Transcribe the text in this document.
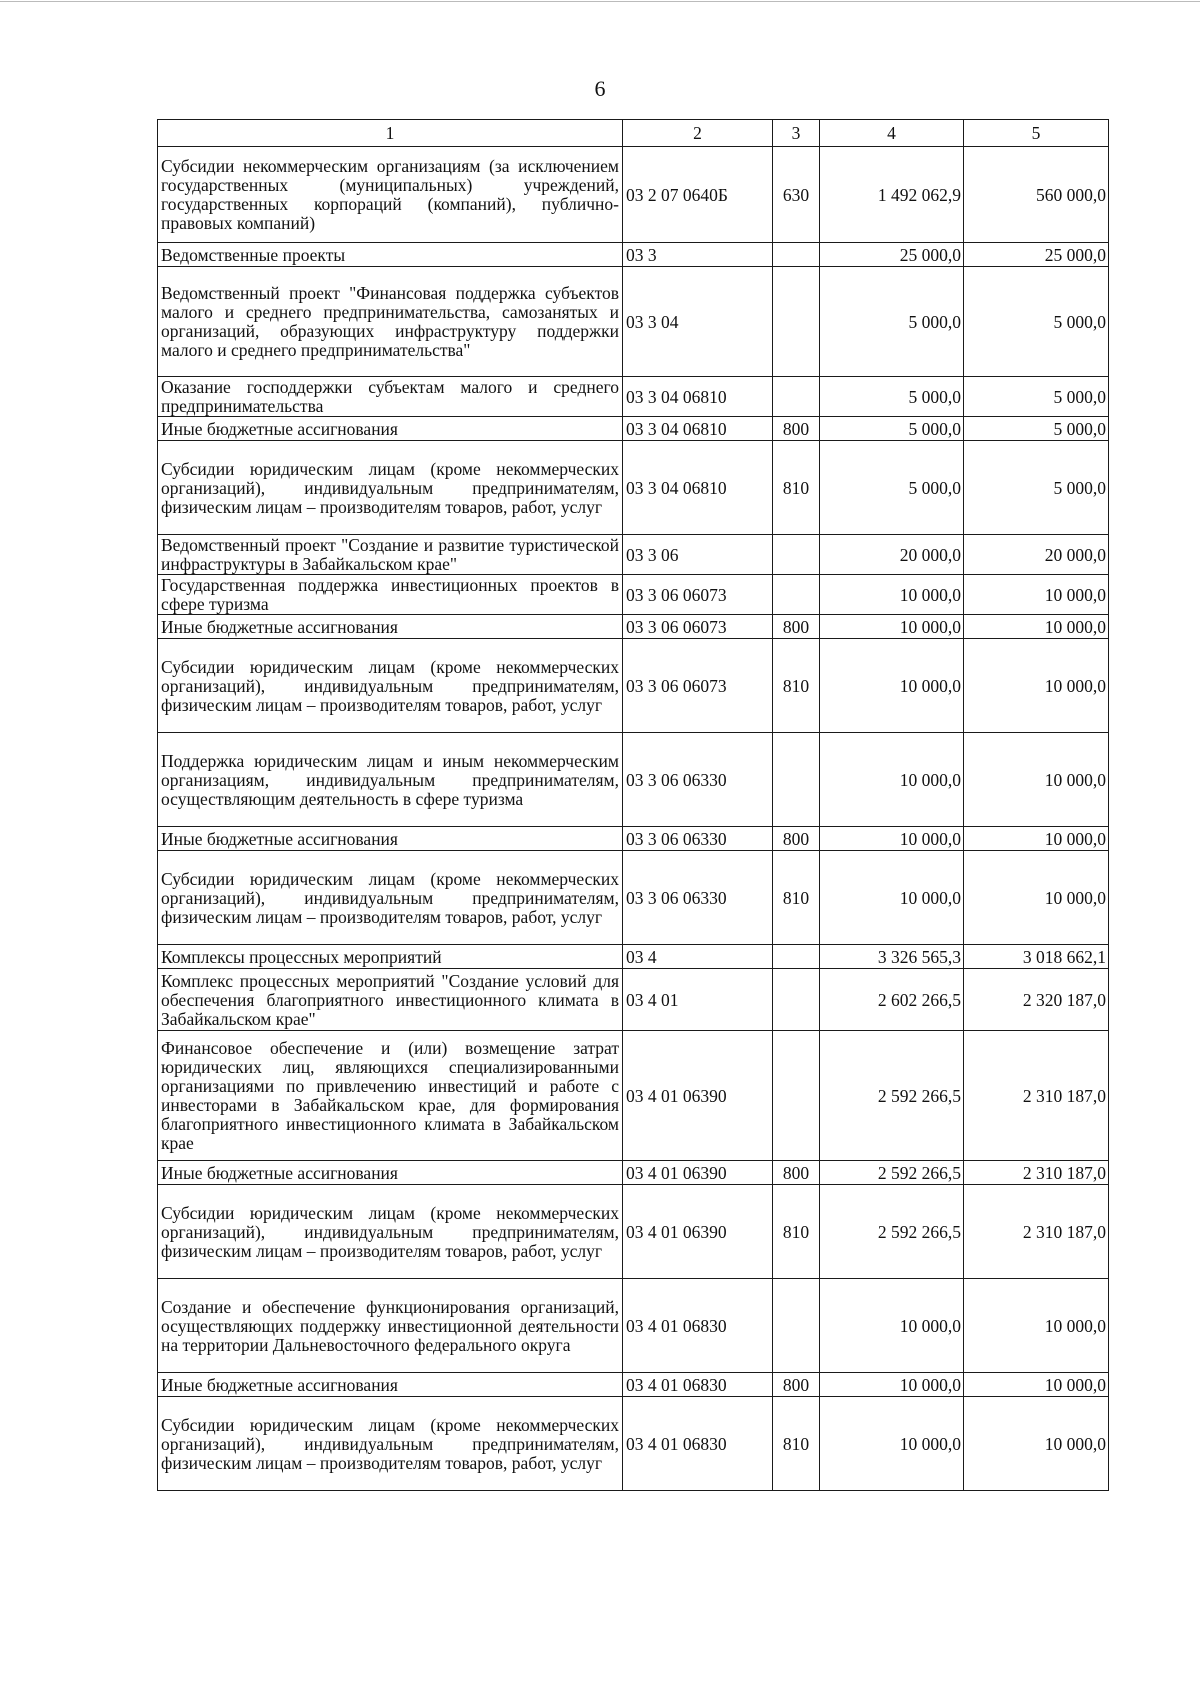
6
1	2	3	4	5
Субсидии некоммерческим организациям (за исключением государственных (муниципальных) учреждений, государственных корпораций (компаний), публично-правовых компаний)	03 2 07 0640Б	630	1 492 062,9	560 000,0
Ведомственные проекты	03 3		25 000,0	25 000,0
Ведомственный проект "Финансовая поддержка субъектов малого и среднего предпринимательства, самозанятых и организаций, образующих инфраструктуру поддержки малого и среднего предпринимательства"	03 3 04		5 000,0	5 000,0
Оказание господдержки субъектам малого и среднего предпринимательства	03 3 04 06810		5 000,0	5 000,0
Иные бюджетные ассигнования	03 3 04 06810	800	5 000,0	5 000,0
Субсидии юридическим лицам (кроме некоммерческих организаций), индивидуальным предпринимателям, физическим лицам – производителям товаров, работ, услуг	03 3 04 06810	810	5 000,0	5 000,0
Ведомственный проект "Создание и развитие туристической инфраструктуры в Забайкальском крае"	03 3 06		20 000,0	20 000,0
Государственная поддержка инвестиционных проектов в сфере туризма	03 3 06 06073		10 000,0	10 000,0
Иные бюджетные ассигнования	03 3 06 06073	800	10 000,0	10 000,0
Субсидии юридическим лицам (кроме некоммерческих организаций), индивидуальным предпринимателям, физическим лицам – производителям товаров, работ, услуг	03 3 06 06073	810	10 000,0	10 000,0
Поддержка юридическим лицам и иным некоммерческим организациям, индивидуальным предпринимателям, осуществляющим деятельность в сфере туризма	03 3 06 06330		10 000,0	10 000,0
Иные бюджетные ассигнования	03 3 06 06330	800	10 000,0	10 000,0
Субсидии юридическим лицам (кроме некоммерческих организаций), индивидуальным предпринимателям, физическим лицам – производителям товаров, работ, услуг	03 3 06 06330	810	10 000,0	10 000,0
Комплексы процессных мероприятий	03 4		3 326 565,3	3 018 662,1
Комплекс процессных мероприятий "Создание условий для обеспечения благоприятного инвестиционного климата в Забайкальском крае"	03 4 01		2 602 266,5	2 320 187,0
Финансовое обеспечение и (или) возмещение затрат юридических лиц, являющихся специализированными организациями по привлечению инвестиций и работе с инвесторами в Забайкальском крае, для формирования благоприятного инвестиционного климата в Забайкальском крае	03 4 01 06390		2 592 266,5	2 310 187,0
Иные бюджетные ассигнования	03 4 01 06390	800	2 592 266,5	2 310 187,0
Субсидии юридическим лицам (кроме некоммерческих организаций), индивидуальным предпринимателям, физическим лицам – производителям товаров, работ, услуг	03 4 01 06390	810	2 592 266,5	2 310 187,0
Создание и обеспечение функционирования организаций, осуществляющих поддержку инвестиционной деятельности на территории Дальневосточного федерального округа	03 4 01 06830		10 000,0	10 000,0
Иные бюджетные ассигнования	03 4 01 06830	800	10 000,0	10 000,0
Субсидии юридическим лицам (кроме некоммерческих организаций), индивидуальным предпринимателям, физическим лицам – производителям товаров, работ, услуг	03 4 01 06830	810	10 000,0	10 000,0
